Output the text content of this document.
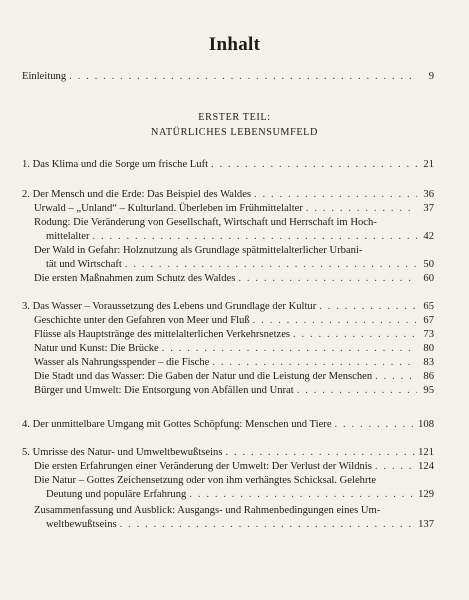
Inhalt
Einleitung . . .	9
ERSTER TEIL:
NATÜRLICHES LEBENSUMFELD
1. Das Klima und die Sorge um frische Luft . . .	21
2. Der Mensch und die Erde: Das Beispiel des Waldes . . .	36
Urwald – „Unland“ – Kulturland. Überleben im Frühmittelalter . . .	37
Rodung: Die Veränderung von Gesellschaft, Wirtschaft und Herrschaft im Hoch-
mittelalter . . .	42
Der Wald in Gefahr: Holznutzung als Grundlage spätmittelalterlicher Urbani-
tät und Wirtschaft . . .	50
Die ersten Maßnahmen zum Schutz des Waldes . . .	60
3. Das Wasser – Voraussetzung des Lebens und Grundlage der Kultur . . .	65
Geschichte unter den Gefahren von Meer und Fluß . . .	67
Flüsse als Hauptstränge des mittelalterlichen Verkehrsnetzes . . .	73
Natur und Kunst: Die Brücke . . .	80
Wasser als Nahrungsspender – die Fische . . .	83
Die Stadt und das Wasser: Die Gaben der Natur und die Leistung der Menschen . . .	86
Bürger und Umwelt: Die Entsorgung von Abfällen und Unrat . . .	95
4. Der unmittelbare Umgang mit Gottes Schöpfung: Menschen und Tiere . . .	108
5. Umrisse des Natur- und Umweltbewußtseins . . .	121
Die ersten Erfahrungen einer Veränderung der Umwelt: Der Verlust der Wildnis . . .	124
Die Natur – Gottes Zeichensetzung oder von ihm verhängtes Schicksal. Gelehrte
Deutung und populäre Erfahrung . . .	129
Zusammenfassung und Ausblick: Ausgangs- und Rahmenbedingungen eines Um-
weltbewußtseins . . .	137
